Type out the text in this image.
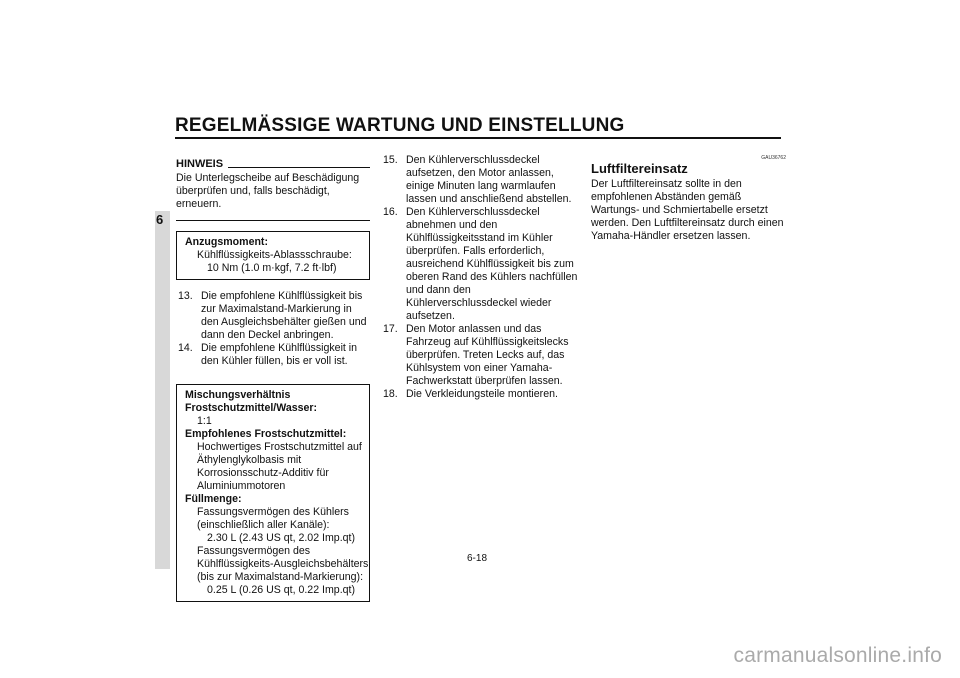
REGELMÄSSIGE WARTUNG UND EINSTELLUNG
6
HINWEIS
Die Unterlegscheibe auf Beschädigung überprüfen und, falls beschädigt, erneuern.
Anzugsmoment:
Kühlflüssigkeits-Ablassschraube:
10 Nm (1.0 m·kgf, 7.2 ft·lbf)
13. Die empfohlene Kühlflüssigkeit bis zur Maximalstand-Markierung in den Ausgleichsbehälter gießen und dann den Deckel anbringen.
14. Die empfohlene Kühlflüssigkeit in den Kühler füllen, bis er voll ist.
Mischungsverhältnis Frostschutzmittel/Wasser:
1:1
Empfohlenes Frostschutzmittel:
Hochwertiges Frostschutzmittel auf Äthylenglykolbasis mit Korrosionsschutz-Additiv für Aluminiummotoren
Füllmenge:
Fassungsvermögen des Kühlers (einschließlich aller Kanäle):
2.30 L (2.43 US qt, 2.02 Imp.qt)
Fassungsvermögen des Kühlflüssigkeits-Ausgleichsbehälters (bis zur Maximalstand-Markierung):
0.25 L (0.26 US qt, 0.22 Imp.qt)
15. Den Kühlerverschlussdeckel aufsetzen, den Motor anlassen, einige Minuten lang warmlaufen lassen und anschließend abstellen.
16. Den Kühlerverschlussdeckel abnehmen und den Kühlflüssigkeitsstand im Kühler überprüfen. Falls erforderlich, ausreichend Kühlflüssigkeit bis zum oberen Rand des Kühlers nachfüllen und dann den Kühlerverschlussdeckel wieder aufsetzen.
17. Den Motor anlassen und das Fahrzeug auf Kühlflüssigkeitslecks überprüfen. Treten Lecks auf, das Kühlsystem von einer Yamaha-Fachwerkstatt überprüfen lassen.
18. Die Verkleidungsteile montieren.
GAU36762
Luftfiltereinsatz
Der Luftfiltereinsatz sollte in den empfohlenen Abständen gemäß Wartungs- und Schmiertabelle ersetzt werden. Den Luftfiltereinsatz durch einen Yamaha-Händler ersetzen lassen.
6-18
carmanualsonline.info
